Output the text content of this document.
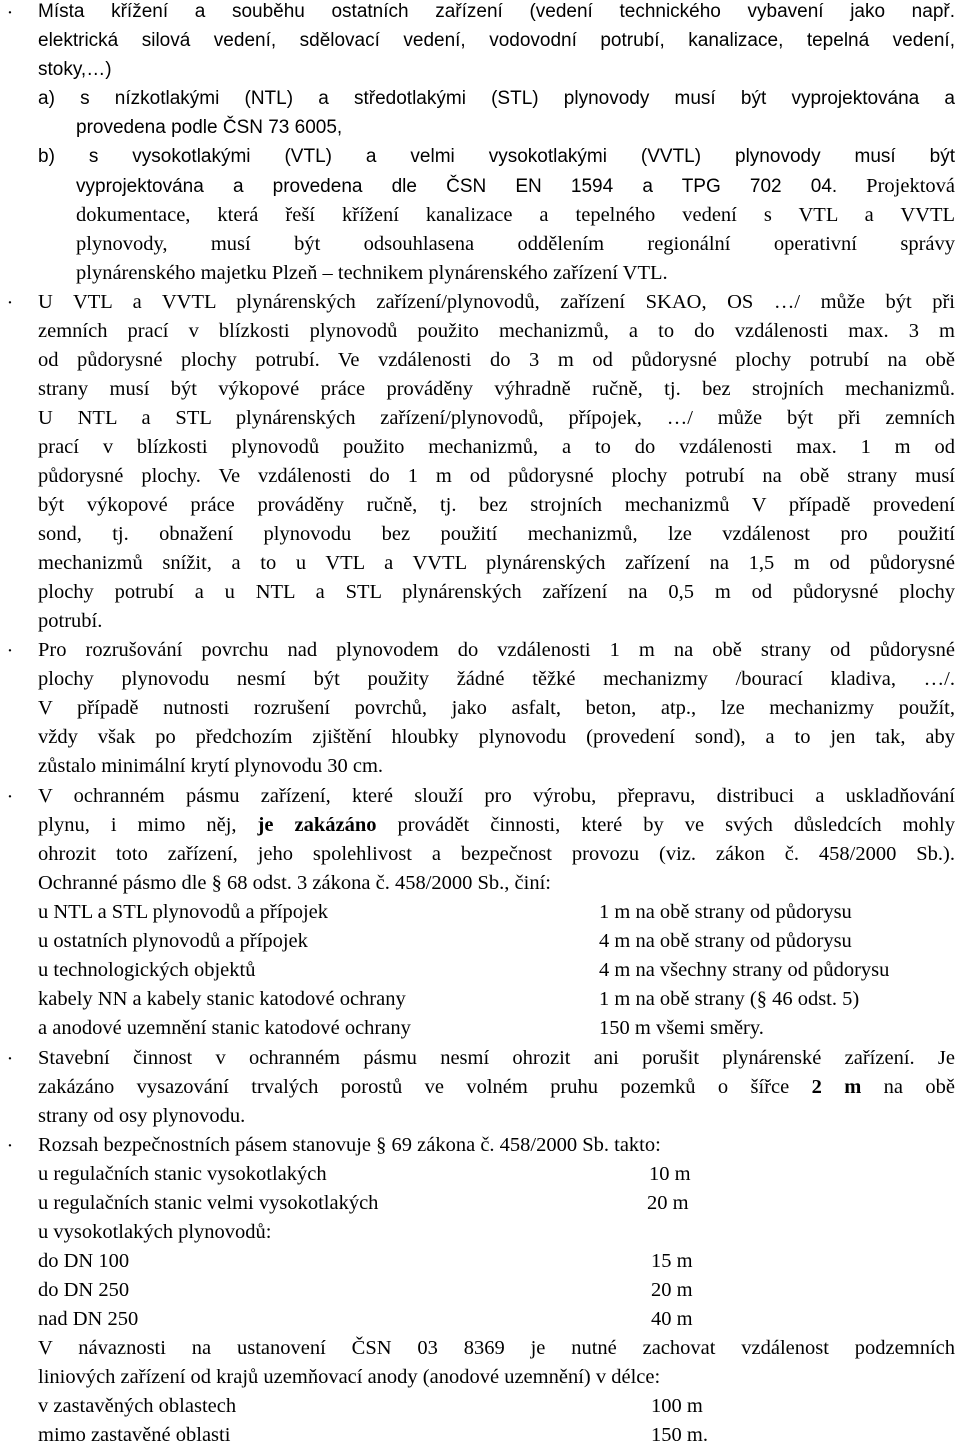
· Místa křížení a souběhu ostatních zařízení (vedení technického vybavení jako např.
elektrická silová vedení, sdělovací vedení, vodovodní potrubí, kanalizace, tepelná vedení,
stoky,…)
a) s nízkotlakými (NTL) a středotlakými (STL) plynovody musí být vyprojektována a
provedena podle ČSN 73 6005,
b) s vysokotlakými (VTL) a velmi vysokotlakými (VVTL) plynovody musí být
vyprojektována a provedena dle ČSN EN 1594 a TPG 702 04. Projektová
dokumentace, která řeší křížení kanalizace a tepelného vedení s VTL a VVTL
plynovody, musí být odsouhlasena oddělením regionální operativní správy
plynárenského majetku Plzeň – technikem plynárenského zařízení VTL.
· U VTL a VVTL plynárenských zařízení/plynovodů, zařízení SKAO, OS …/ může být při
zemních prací v blízkosti plynovodů použito mechanizmů, a to do vzdálenosti max. 3 m
od půdorysné plochy potrubí. Ve vzdálenosti do 3 m od půdorysné plochy potrubí na obě
strany musí být výkopové práce prováděny výhradně ručně, tj. bez strojních mechanizmů.
U NTL a STL plynárenských zařízení/plynovodů, přípojek, …/ může být při zemních
prací v blízkosti plynovodů použito mechanizmů, a to do vzdálenosti max. 1 m od
půdorysné plochy. Ve vzdálenosti do 1 m od půdorysné plochy potrubí na obě strany musí
být výkopové práce prováděny ručně, tj. bez strojních mechanizmů V případě provedení
sond, tj. obnažení plynovodu bez použití mechanizmů, lze vzdálenost pro použití
mechanizmů snížit, a to u VTL a VVTL plynárenských zařízení na 1,5 m od půdorysné
plochy potrubí a u NTL a STL plynárenských zařízení na 0,5 m od půdorysné plochy
potrubí.
· Pro rozrušování povrchu nad plynovodem do vzdálenosti 1 m na obě strany od půdorysné
plochy plynovodu nesmí být použity žádné těžké mechanizmy /bourací kladiva, …/.
V případě nutnosti rozrušení povrchů, jako asfalt, beton, atp., lze mechanizmy použít,
vždy však po předchozím zjištění hloubky plynovodu (provedení sond), a to jen tak, aby
zůstalo minimální krytí plynovodu 30 cm.
· V ochranném pásmu zařízení, které slouží pro výrobu, přepravu, distribuci a uskladňování
plynu, i mimo něj, je zakázáno provádět činnosti, které by ve svých důsledcích mohly
ohrozit toto zařízení, jeho spolehlivost a bezpečnost provozu (viz. zákon č. 458/2000 Sb.).
Ochranné pásmo dle § 68 odst. 3 zákona č. 458/2000 Sb., činí:
u NTL a STL plynovodů a přípojek	1 m na obě strany od půdorysu
u ostatních plynovodů a přípojek	4 m na obě strany od půdorysu
u technologických objektů	4 m na všechny strany od půdorysu
kabely NN a kabely stanic katodové ochrany	1 m na obě strany (§ 46 odst. 5)
a anodové uzemnění stanic katodové ochrany	150 m všemi směry.
· Stavební činnost v ochranném pásmu nesmí ohrozit ani porušit plynárenské zařízení. Je
zakázáno vysazování trvalých porostů ve volném pruhu pozemků o šířce 2 m na obě
strany od osy plynovodu.
· Rozsah bezpečnostních pásem stanovuje § 69 zákona č. 458/2000 Sb. takto:
u regulačních stanic vysokotlakých	10 m
u regulačních stanic velmi vysokotlakých	20 m
u vysokotlakých plynovodů:
do DN 100	15 m
do DN 250	20 m
nad DN 250	40 m
V návaznosti na ustanovení ČSN 03 8369 je nutné zachovat vzdálenost podzemních
liniových zařízení od krajů uzemňovací anody (anodové uzemnění) v délce:
v zastavěných oblastech	100 m
mimo zastavěné oblasti	150 m.
